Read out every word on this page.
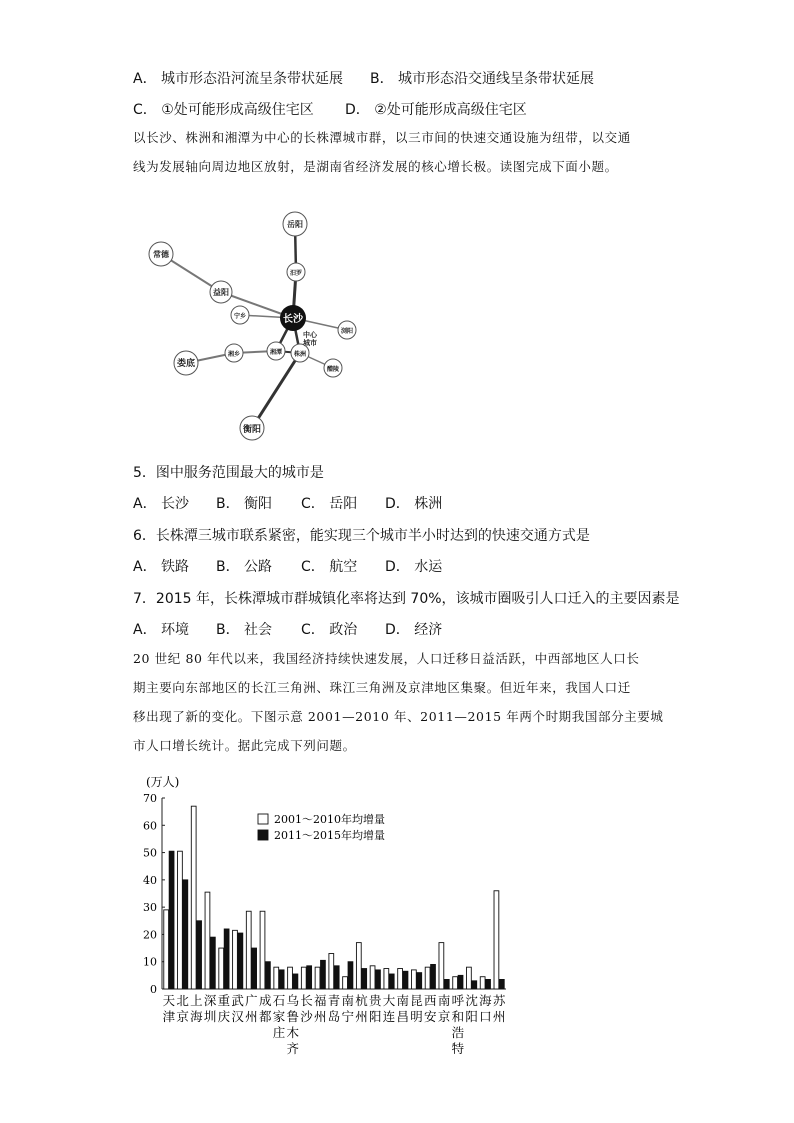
A． 城市形态沿河流呈条带状延展 B． 城市形态沿交通线呈条带状延展
C． ①处可能形成高级住宅区 D． ②处可能形成高级住宅区
以长沙、株洲和湘潭为中心的长株潭城市群，以三市间的快速交通设施为纽带，以交通
线为发展轴向周边地区放射，是湖南省经济发展的核心增长极。读图完成下面小题。
长沙
中心
城市
岳阳
汨罗
常德
益阳
宁乡
浏阳
娄底
湘乡	湘潭 株洲
醴陵
衡阳
5．图中服务范围最大的城市是
A． 长沙 B． 衡阳 C． 岳阳 D． 株洲
6．长株潭三城市联系紧密，能实现三个城市半小时达到的快速交通方式是
A． 铁路 B． 公路 C． 航空 D． 水运
7．2015 年，长株潭城市群城镇化率将达到 70%，该城市圈吸引人口迁入的主要因素是
A． 环境 B． 社会 C． 政治 D． 经济
20 世纪 80 年代以来，我国经济持续快速发展，人口迁移日益活跃，中西部地区人口长
期主要向东部地区的长江三角洲、珠江三角洲及京津地区集聚。但近年来，我国人口迁
移出现了新的变化。下图示意 2001—2010 年、2011—2015 年两个时期我国部分主要城
市人口增长统计。据此完成下列问题。
(万人)
0
10
20
30
40
50
60
70
天 北 上 深 重 武 广 成 石 乌 长 福 青 南 杭 贵 大 南 昆 西 南 呼 沈 海 苏
津 京 海 圳 庆 汉 州 都 家 鲁 沙 州 岛 宁 州 阳 连 昌 明 安 京 和 阳 口 州
庄 木	浩
齐	特
2001～2010年均增量
2011～2015年均增量
